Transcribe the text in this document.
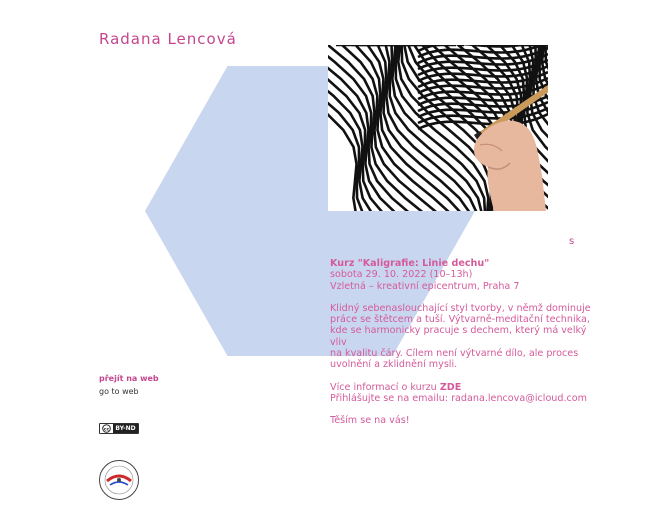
Radana Lencová
s

Kurz "Kaligrafie: Linie dechu"

sobota 29. 10. 2022 (10–13h)

Vzletná – kreativní epicentrum, Praha 7

Klidný sebenaslouchající styl tvorby, v němž dominuje

práce se štětcem a tuší. Výtvarně-meditační technika,

kde se harmonicky pracuje s dechem, který má velký vliv

na kvalitu čáry. Cílem není výtvarné dílo, ale proces

uvolnění a zklidnění mysli.

Více informací o kurzu ZDE

Přihlášujte se na emailu: radana.lencova@icloud.com

Těším se na vás!

přejít na web
go to web
cc	BY-ND
